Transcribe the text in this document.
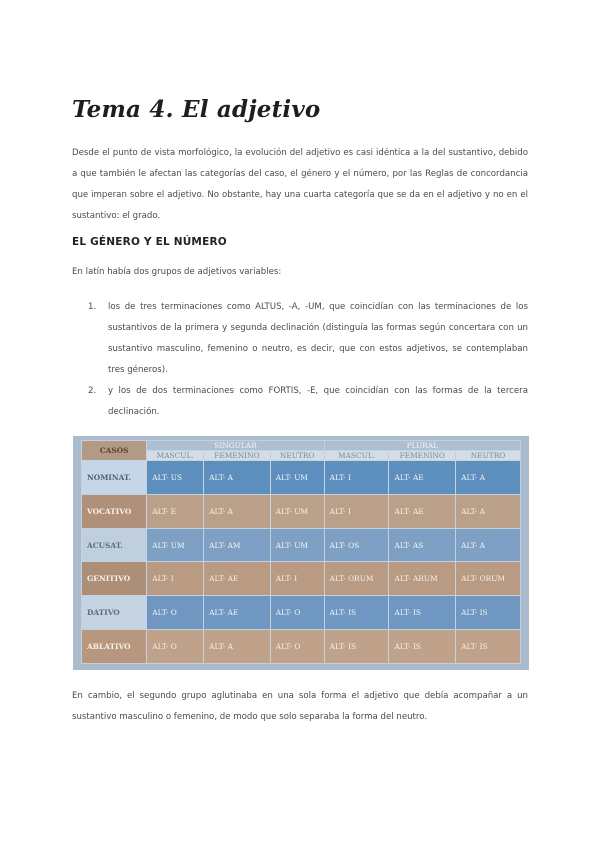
Tema 4. El adjetivo

Desde el punto de vista morfológico, la evolución del adjetivo es casi idéntica a la del sustantivo, debido a que también le afectan las categorías del caso, el género y el número, por las Reglas de concordancia que imperan sobre el adjetivo. No obstante, hay una cuarta categoría que se da en el adjetivo y no en el sustantivo: el grado.

EL GÉNERO Y EL NÚMERO

En latín había dos grupos de adjetivos variables:

1. los de tres terminaciones como ALTUS, -A, -UM, que coincidían con las terminaciones de los sustantivos de la primera y segunda declinación (distinguía las formas según concertara con un sustantivo masculino, femenino o neutro, es decir, que con estos adjetivos, se contemplaban tres géneros).
2. y los de dos terminaciones como FORTIS, -E, que coincidían con las formas de la tercera declinación.
CASOS	SINGULAR			PLURAL		
	MASCUL.	FEMENINO	NEUTRO	MASCUL.	FEMENINO	NEUTRO
NOMINAT.	ALT- US	ALT- A	ALT- UM	ALT- I	ALT- AE	ALT- A
VOCATIVO	ALT- E	ALT- A	ALT- UM	ALT- I	ALT- AE	ALT- A
ACUSAT.	ALT- UM	ALT- AM	ALT- UM	ALT- OS	ALT- AS	ALT- A
GENITIVO	ALT- I	ALT- AE	ALT- I	ALT- ORUM	ALT- ARUM	ALT- ORUM
DATIVO	ALT- O	ALT- AE	ALT- O	ALT- IS	ALT- IS	ALT- IS
ABLATIVO	ALT- O	ALT- A	ALT- O	ALT- IS	ALT- IS	ALT- IS

En cambio, el segundo grupo aglutinaba en una sola forma el adjetivo que debía acompañar a un sustantivo masculino o femenino, de modo que solo separaba la forma del neutro.
